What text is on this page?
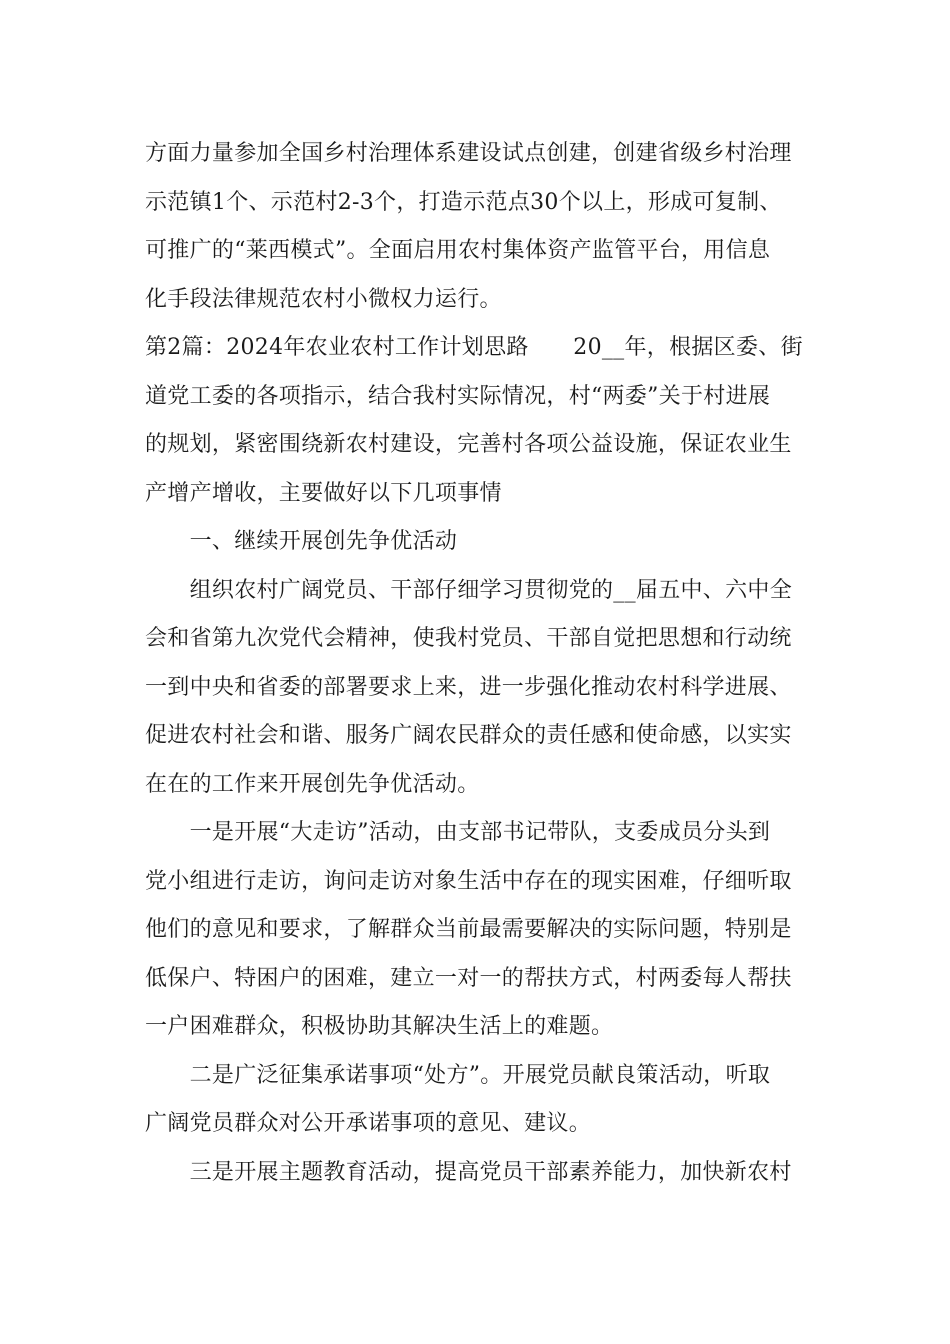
方面力量参加全国乡村治理体系建设试点创建，创建省级乡村治理

示范镇1个、示范村2-3个，打造示范点30个以上，形成可复制、

可推广的“莱西模式”。全面启用农村集体资产监管平台，用信息

化手段法律规范农村小微权力运行。

第2篇：2024年农业农村工作计划思路　　20__年，根据区委、街

道党工委的各项指示，结合我村实际情况，村“两委”关于村进展

的规划，紧密围绕新农村建设，完善村各项公益设施，保证农业生

产增产增收，主要做好以下几项事情

　　一、继续开展创先争优活动

　　组织农村广阔党员、干部仔细学习贯彻党的__届五中、六中全

会和省第九次党代会精神，使我村党员、干部自觉把思想和行动统

一到中央和省委的部署要求上来，进一步强化推动农村科学进展、

促进农村社会和谐、服务广阔农民群众的责任感和使命感，以实实

在在的工作来开展创先争优活动。

　　一是开展“大走访”活动，由支部书记带队，支委成员分头到

党小组进行走访，询问走访对象生活中存在的现实困难，仔细听取

他们的意见和要求，了解群众当前最需要解决的实际问题，特别是

低保户、特困户的困难，建立一对一的帮扶方式，村两委每人帮扶

一户困难群众，积极协助其解决生活上的难题。

　　二是广泛征集承诺事项“处方”。开展党员献良策活动，听取

广阔党员群众对公开承诺事项的意见、建议。

　　三是开展主题教育活动，提高党员干部素养能力，加快新农村
